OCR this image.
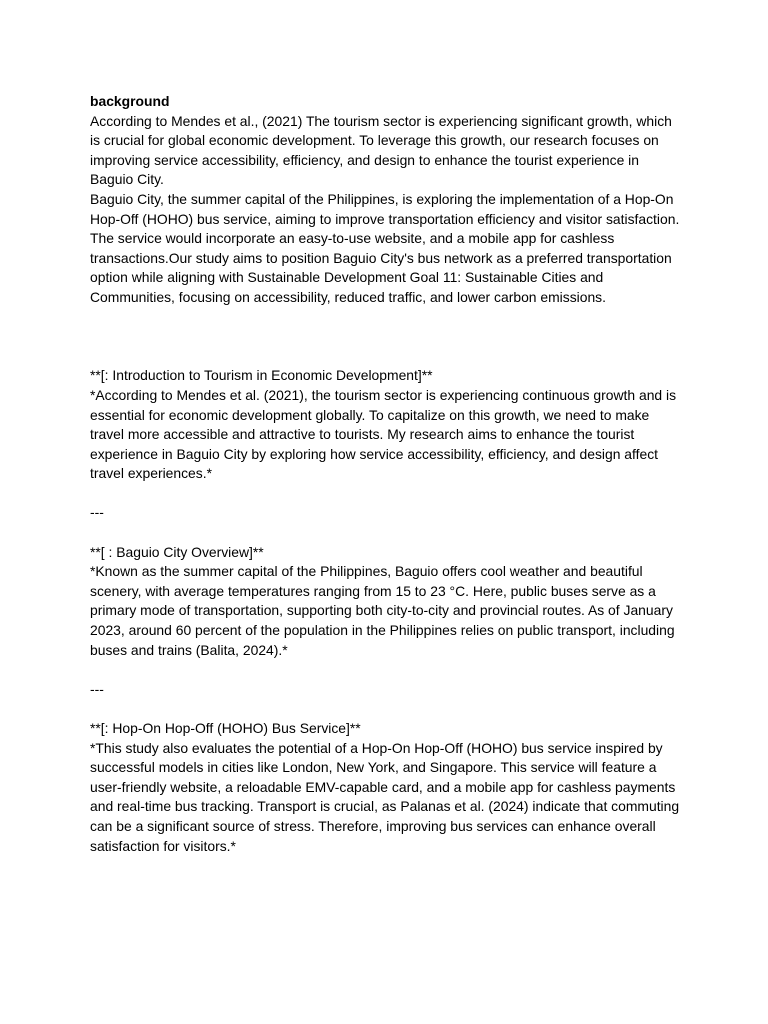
background

According to Mendes et al., (2021) The tourism sector is experiencing significant growth, which is crucial for global economic development. To leverage this growth, our research focuses on improving service accessibility, efficiency, and design to enhance the tourist experience in Baguio City.

Baguio City, the summer capital of the Philippines, is exploring the implementation of a Hop-On Hop-Off (HOHO) bus service, aiming to improve transportation efficiency and visitor satisfaction. The service would incorporate an easy-to-use website, and a mobile app for cashless transactions.Our study aims to position Baguio City's bus network as a preferred transportation option while aligning with Sustainable Development Goal 11: Sustainable Cities and Communities, focusing on accessibility, reduced traffic, and lower carbon emissions.

**[: Introduction to Tourism in Economic Development]**

*According to Mendes et al. (2021), the tourism sector is experiencing continuous growth and is essential for economic development globally. To capitalize on this growth, we need to make travel more accessible and attractive to tourists. My research aims to enhance the tourist experience in Baguio City by exploring how service accessibility, efficiency, and design affect travel experiences.*

---

**[ : Baguio City Overview]**

*Known as the summer capital of the Philippines, Baguio offers cool weather and beautiful scenery, with average temperatures ranging from 15 to 23 °C. Here, public buses serve as a primary mode of transportation, supporting both city-to-city and provincial routes. As of January 2023, around 60 percent of the population in the Philippines relies on public transport, including buses and trains (Balita, 2024).*

---

**[: Hop-On Hop-Off (HOHO) Bus Service]**

*This study also evaluates the potential of a Hop-On Hop-Off (HOHO) bus service inspired by successful models in cities like London, New York, and Singapore. This service will feature a user-friendly website, a reloadable EMV-capable card, and a mobile app for cashless payments and real-time bus tracking. Transport is crucial, as Palanas et al. (2024) indicate that commuting can be a significant source of stress. Therefore, improving bus services can enhance overall satisfaction for visitors.*
